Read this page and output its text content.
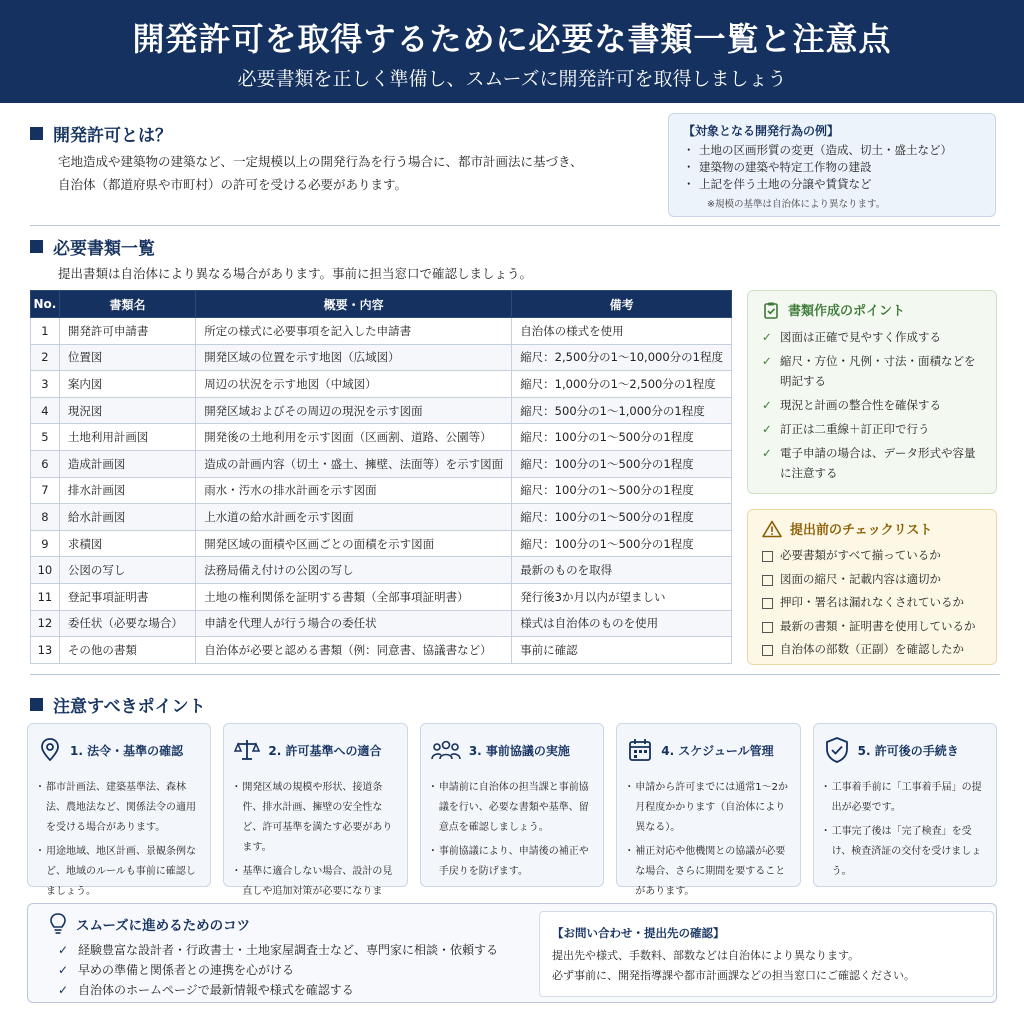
開発許可を取得するために必要な書類一覧と注意点

必要書類を正しく準備し、スムーズに開発許可を取得しましょう

開発許可とは？
宅地造成や建築物の建築など、一定規模以上の開発行為を行う場合に、都市計画法に基づき、
自治体（都道府県や市町村）の許可を受ける必要があります。
【対象となる開発行為の例】
・ 土地の区画形質の変更（造成、切土・盛土など）
・ 建築物の建築や特定工作物の建設
・ 上記を伴う土地の分譲や賃貸など
※規模の基準は自治体により異なります。
必要書類一覧
提出書類は自治体により異なる場合があります。事前に担当窓口で確認しましょう。
No.	書類名	概要・内容	備考
1	開発許可申請書	所定の様式に必要事項を記入した申請書	自治体の様式を使用
2	位置図	開発区域の位置を示す地図（広域図）	縮尺：2,500分の1〜10,000分の1程度
3	案内図	周辺の状況を示す地図（中域図）	縮尺：1,000分の1〜2,500分の1程度
4	現況図	開発区域およびその周辺の現況を示す図面	縮尺：500分の1〜1,000分の1程度
5	土地利用計画図	開発後の土地利用を示す図面（区画割、道路、公園等）	縮尺：100分の1〜500分の1程度
6	造成計画図	造成の計画内容（切土・盛土、擁壁、法面等）を示す図面	縮尺：100分の1〜500分の1程度
7	排水計画図	雨水・汚水の排水計画を示す図面	縮尺：100分の1〜500分の1程度
8	給水計画図	上水道の給水計画を示す図面	縮尺：100分の1〜500分の1程度
9	求積図	開発区域の面積や区画ごとの面積を示す図面	縮尺：100分の1〜500分の1程度
10	公図の写し	法務局備え付けの公図の写し	最新のものを取得
11	登記事項証明書	土地の権利関係を証明する書類（全部事項証明書）	発行後3か月以内が望ましい
12	委任状（必要な場合）	申請を代理人が行う場合の委任状	様式は自治体のものを使用
13	その他の書類	自治体が必要と認める書類（例：同意書、協議書など）	事前に確認
書類作成のポイント
✓ 図面は正確で見やすく作成する
✓ 縮尺・方位・凡例・寸法・面積などを明記する
✓ 現況と計画の整合性を確保する
✓ 訂正は二重線＋訂正印で行う
✓ 電子申請の場合は、データ形式や容量に注意する
提出前のチェックリスト
必要書類がすべて揃っているか
図面の縮尺・記載内容は適切か
押印・署名は漏れなくされているか
最新の書類・証明書を使用しているか
自治体の部数（正副）を確認したか
注意すべきポイント
1. 法令・基準の確認
・ 都市計画法、建築基準法、森林法、農地法など、関係法令の適用を受ける場合があります。
・ 用途地域、地区計画、景観条例など、地域のルールも事前に確認しましょう。
2. 許可基準への適合
・ 開発区域の規模や形状、接道条件、排水計画、擁壁の安全性など、許可基準を満たす必要があります。
・ 基準に適合しない場合、設計の見直しや追加対策が必要になりま
3. 事前協議の実施
・ 申請前に自治体の担当課と事前協議を行い、必要な書類や基準、留意点を確認しましょう。
・ 事前協議により、申請後の補正や手戻りを防げます。
4. スケジュール管理
・ 申請から許可までには通常1〜2か月程度かかります（自治体により異なる）。
・ 補正対応や他機関との協議が必要な場合、さらに期間を要することがあります。
5. 許可後の手続き
・ 工事着手前に「工事着手届」の提出が必要です。
・ 工事完了後は「完了検査」を受け、検査済証の交付を受けましょう。
スムーズに進めるためのコツ
✓ 経験豊富な設計者・行政書士・土地家屋調査士など、専門家に相談・依頼する
✓ 早めの準備と関係者との連携を心がける
✓ 自治体のホームページで最新情報や様式を確認する
【お問い合わせ・提出先の確認】

提出先や様式、手数料、部数などは自治体により異なります。

必ず事前に、開発指導課や都市計画課などの担当窓口にご確認ください。
